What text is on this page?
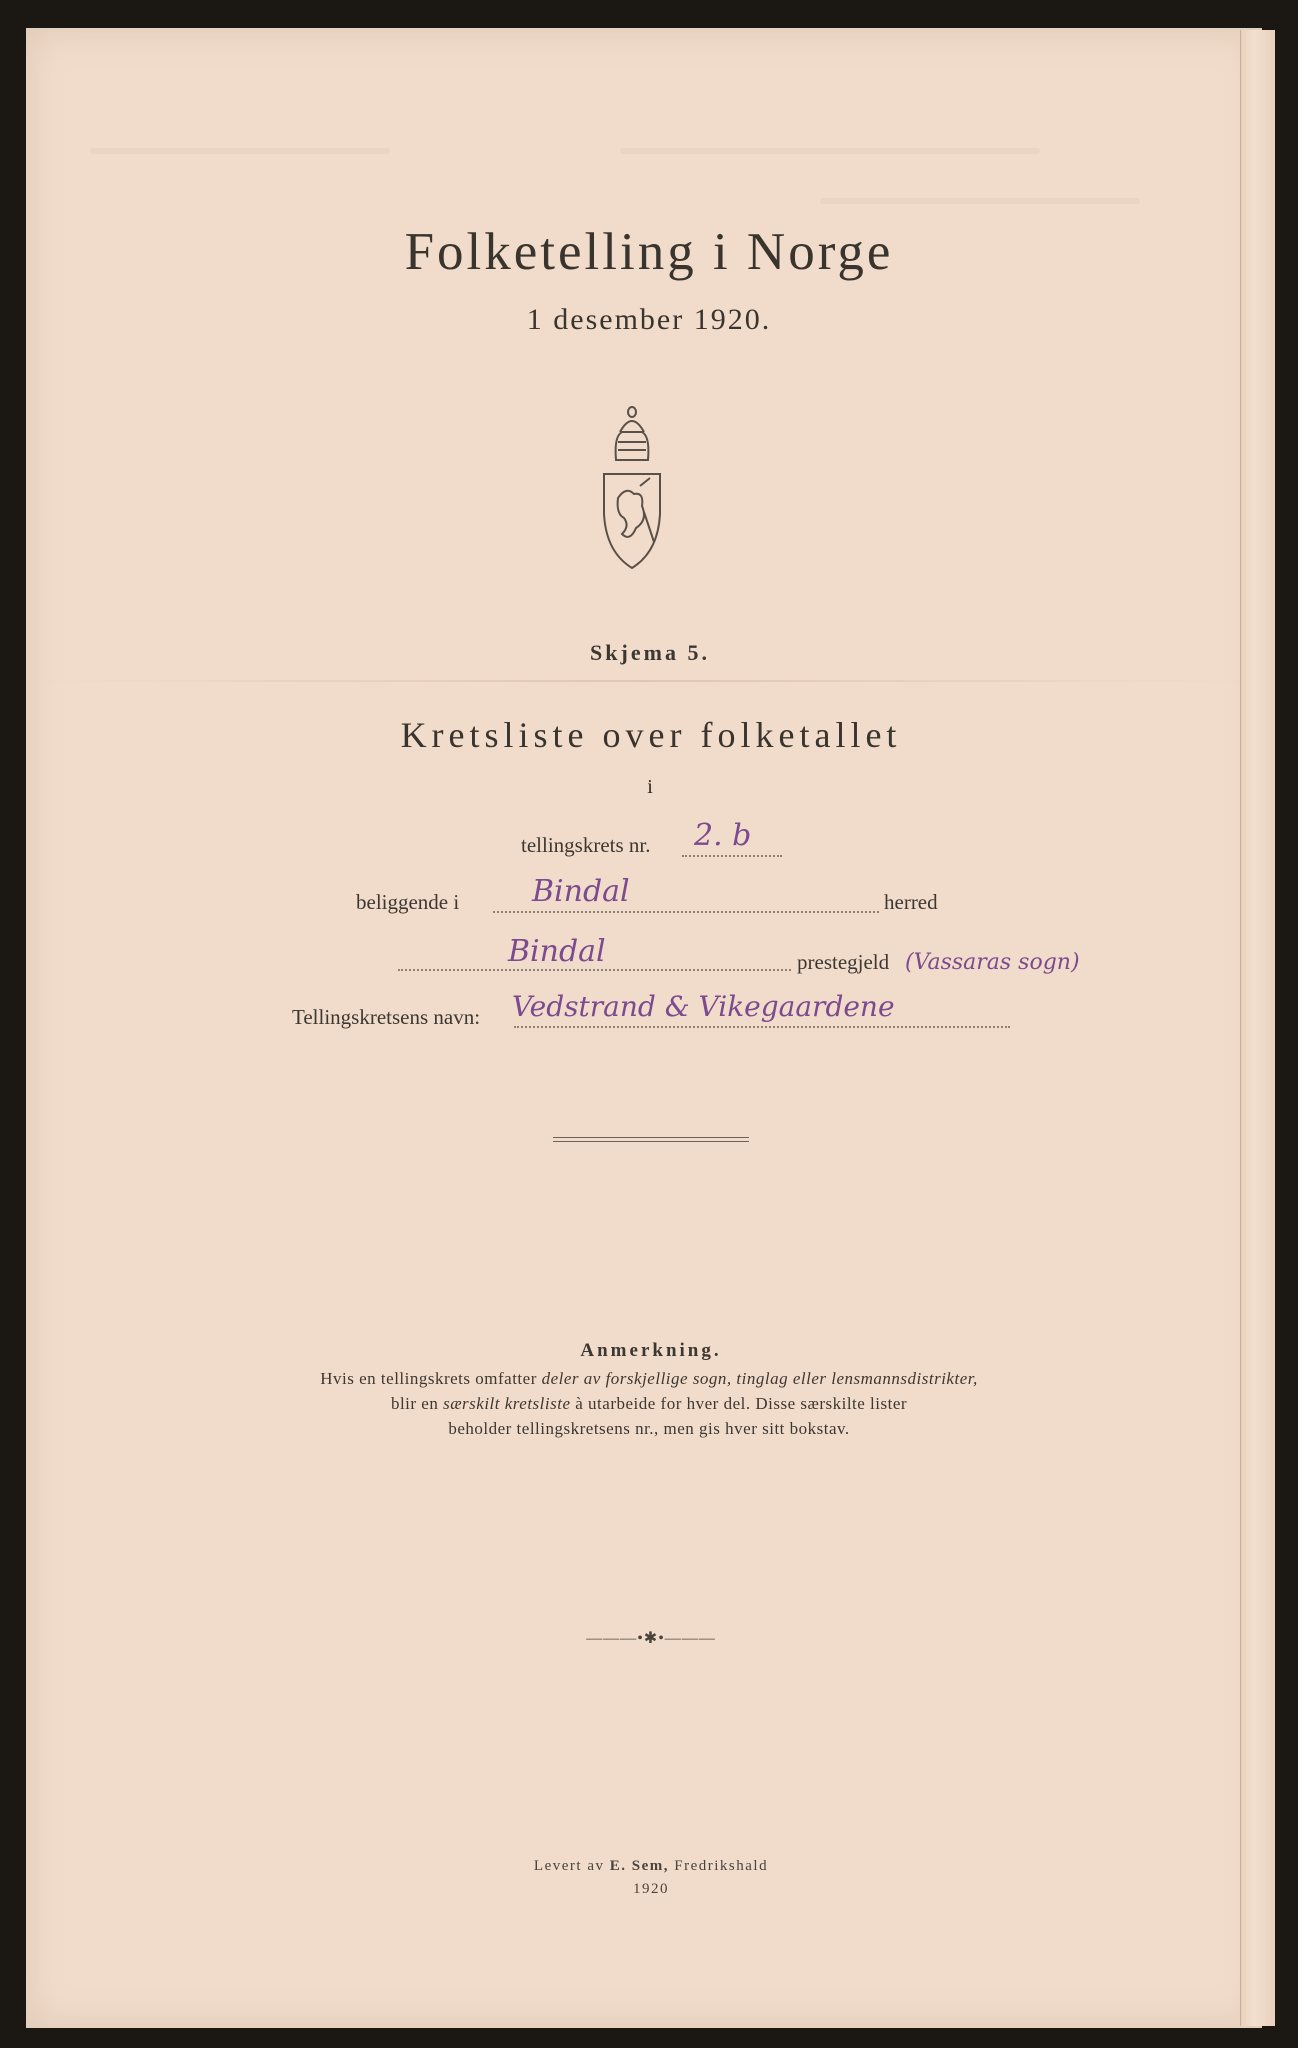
Folketelling i Norge
1 desember 1920.
Skjema 5.
Kretsliste over folketallet
i
tellingskrets nr. 2. b
beliggende i Bindal	herred
Bindal	prestegjeld (Vassaras sogn)
Tellingskretsens navn: Vedstrand & Vikegaardene
Anmerkning.
Hvis en tellingskrets omfatter deler av forskjellige sogn, tinglag eller lensmannsdistrikter,
blir en særskilt kretsliste à utarbeide for hver del. Disse særskilte lister
beholder tellingskretsens nr., men gis hver sitt bokstav.
———•✱•———
Levert av E. Sem, Fredrikshald
1920
